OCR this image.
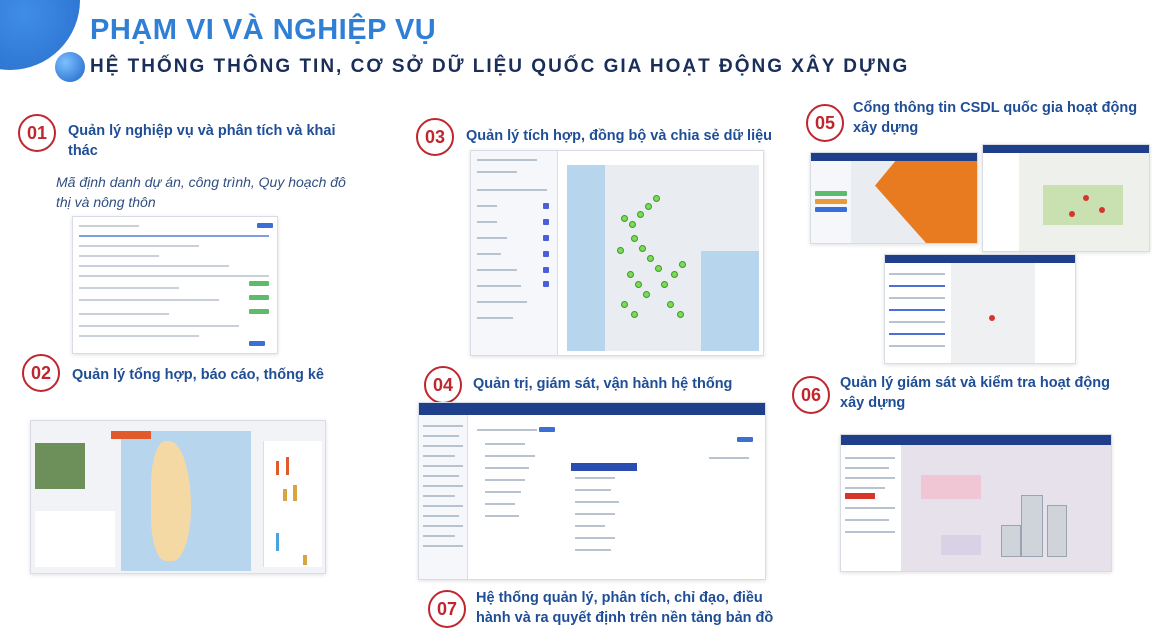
PHẠM VI VÀ NGHIỆP VỤ
HỆ THỐNG THÔNG TIN, CƠ SỞ DỮ LIỆU QUỐC GIA HOẠT ĐỘNG XÂY DỰNG
01	Quản lý nghiệp vụ và phân tích và khai thác
Mã định danh dự án, công trình, Quy hoạch đô thị và nông thôn
02	Quản lý tổng hợp, báo cáo, thống kê
03	Quản lý tích hợp, đồng bộ và chia sẻ dữ liệu
04	Quản trị, giám sát, vận hành hệ thống
05
Cổng thông tin CSDL quốc gia hoạt động xây dựng
06
Quản lý giám sát và kiểm tra hoạt động xây dựng
07
Hệ thống quản lý, phân tích, chỉ đạo, điều hành và ra quyết định trên nền tảng bản đồ
